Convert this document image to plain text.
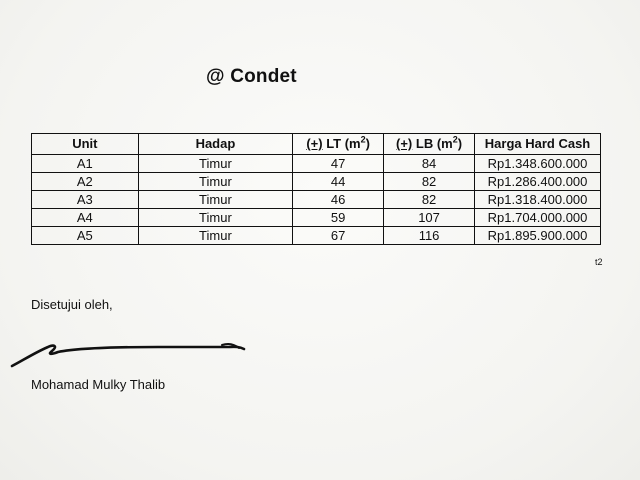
@ Condet
Unit	Hadap	(+) LT $(m^2)$	(+) LB $(m^2)$	Harga Hard Cash
A1	Timur	47	84	Rp1.348.600.000
A2	Timur	44	82	Rp1.286.400.000
A3	Timur	46	82	Rp1.318.400.000
A4	Timur	59	107	Rp1.704.000.000
A5	Timur	67	116	Rp1.895.900.000
t2
Disetujui oleh,
Mohamad Mulky Thalib
